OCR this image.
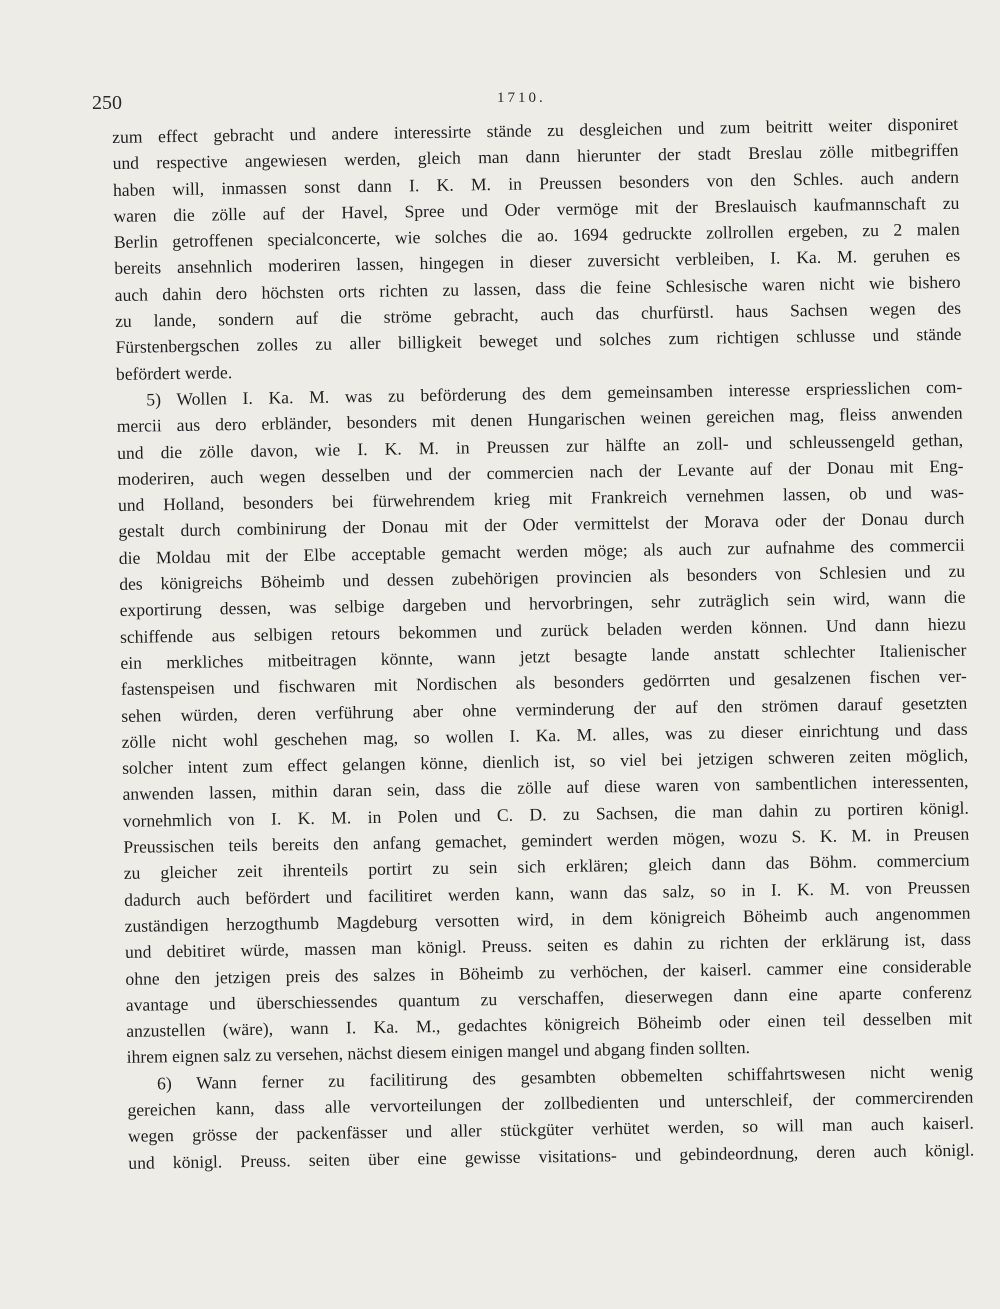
250	1710.
zum effect gebracht und andere interessirte stände zu desgleichen und zum beitritt weiter disponiret
und respective angewiesen werden, gleich man dann hierunter der stadt Breslau zölle mitbegriffen
haben will, inmassen sonst dann I. K. M. in Preussen besonders von den Schles. auch andern
waren die zölle auf der Havel, Spree und Oder vermöge mit der Breslauisch kaufmannschaft zu
Berlin getroffenen specialconcerte, wie solches die ao. 1694 gedruckte zollrollen ergeben, zu 2 malen
bereits ansehnlich moderiren lassen, hingegen in dieser zuversicht verbleiben, I. Ka. M. geruhen es
auch dahin dero höchsten orts richten zu lassen, dass die feine Schlesische waren nicht wie bishero
zu lande, sondern auf die ströme gebracht, auch das churfürstl. haus Sachsen wegen des
Fürstenbergschen zolles zu aller billigkeit beweget und solches zum richtigen schlusse und stände
befördert werde.
5) Wollen I. Ka. M. was zu beförderung des dem gemeinsamben interesse erspriesslichen com-
mercii aus dero erbländer, besonders mit denen Hungarischen weinen gereichen mag, fleiss anwenden
und die zölle davon, wie I. K. M. in Preussen zur hälfte an zoll- und schleussengeld gethan,
moderiren, auch wegen desselben und der commercien nach der Levante auf der Donau mit Eng-
und Holland, besonders bei fürwehrendem krieg mit Frankreich vernehmen lassen, ob und was-
gestalt durch combinirung der Donau mit der Oder vermittelst der Morava oder der Donau durch
die Moldau mit der Elbe acceptable gemacht werden möge; als auch zur aufnahme des commercii
des königreichs Böheimb und dessen zubehörigen provincien als besonders von Schlesien und zu
exportirung dessen, was selbige dargeben und hervorbringen, sehr zuträglich sein wird, wann die
schiffende aus selbigen retours bekommen und zurück beladen werden können. Und dann hiezu
ein merkliches mitbeitragen könnte, wann jetzt besagte lande anstatt schlechter Italienischer
fastenspeisen und fischwaren mit Nordischen als besonders gedörrten und gesalzenen fischen ver-
sehen würden, deren verführung aber ohne verminderung der auf den strömen darauf gesetzten
zölle nicht wohl geschehen mag, so wollen I. Ka. M. alles, was zu dieser einrichtung und dass
solcher intent zum effect gelangen könne, dienlich ist, so viel bei jetzigen schweren zeiten möglich,
anwenden lassen, mithin daran sein, dass die zölle auf diese waren von sambentlichen interessenten,
vornehmlich von I. K. M. in Polen und C. D. zu Sachsen, die man dahin zu portiren königl.
Preussischen teils bereits den anfang gemachet, gemindert werden mögen, wozu S. K. M. in Preusen
zu gleicher zeit ihrenteils portirt zu sein sich erklären; gleich dann das Böhm. commercium
dadurch auch befördert und facilitiret werden kann, wann das salz, so in I. K. M. von Preussen
zuständigen herzogthumb Magdeburg versotten wird, in dem königreich Böheimb auch angenommen
und debitiret würde, massen man königl. Preuss. seiten es dahin zu richten der erklärung ist, dass
ohne den jetzigen preis des salzes in Böheimb zu verhöchen, der kaiserl. cammer eine considerable
avantage und überschiessendes quantum zu verschaffen, dieserwegen dann eine aparte conferenz
anzustellen (wäre), wann I. Ka. M., gedachtes königreich Böheimb oder einen teil desselben mit
ihrem eignen salz zu versehen, nächst diesem einigen mangel und abgang finden sollten.
6) Wann ferner zu facilitirung des gesambten obbemelten schiffahrtswesen nicht wenig
gereichen kann, dass alle vervorteilungen der zollbedienten und unterschleif, der commercirenden
wegen grösse der packenfässer und aller stückgüter verhütet werden, so will man auch kaiserl.
und königl. Preuss. seiten über eine gewisse visitations- und gebindeordnung, deren auch königl.
